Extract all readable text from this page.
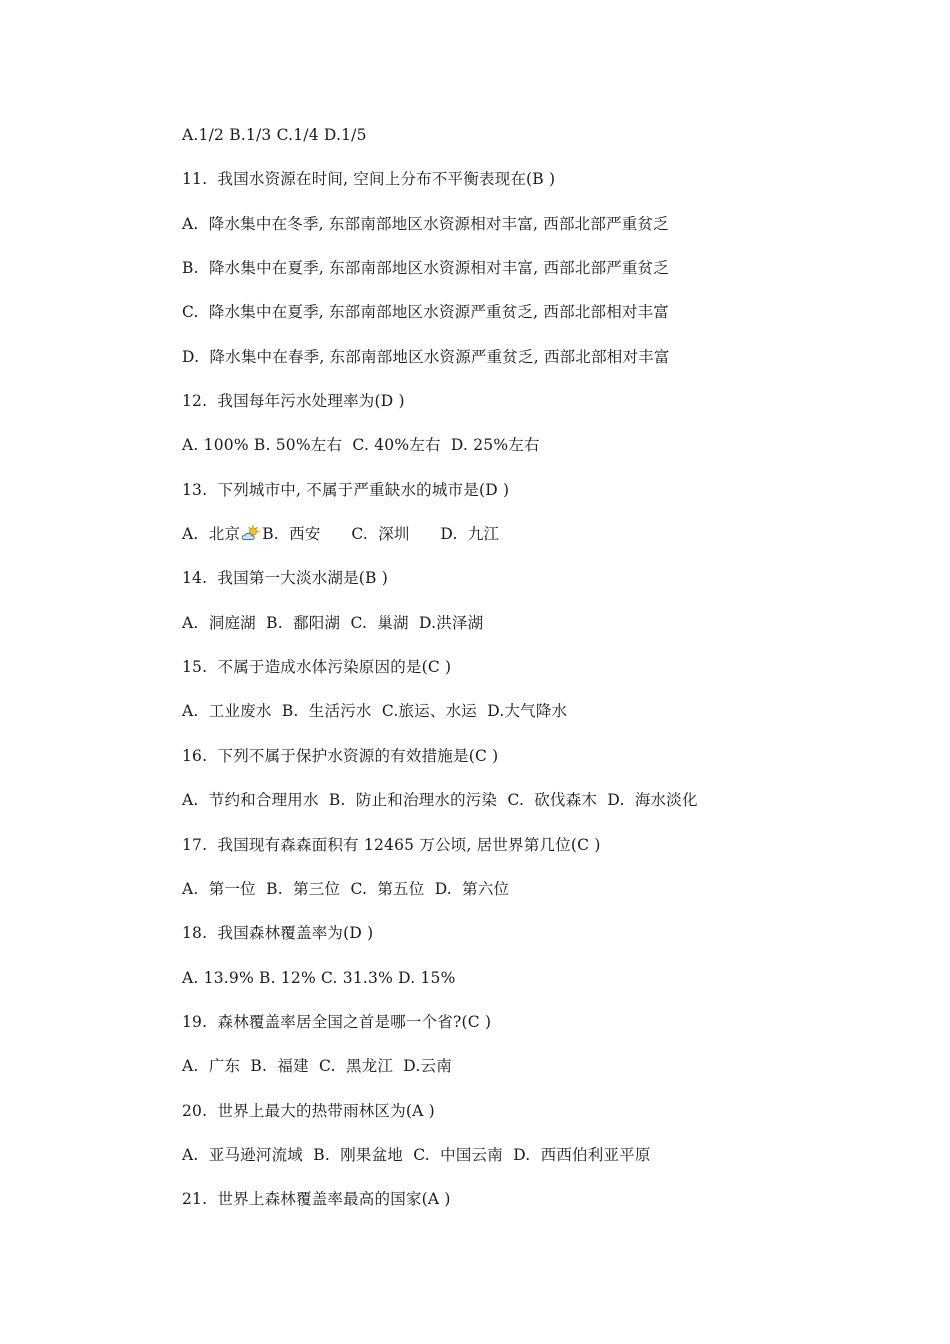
A.1/2 B.1/3 C.1/4 D.1/5
11.  我国水资源在时间, 空间上分布不平衡表现在(B )
A.  降水集中在冬季, 东部南部地区水资源相对丰富, 西部北部严重贫乏
B.  降水集中在夏季, 东部南部地区水资源相对丰富, 西部北部严重贫乏
C.  降水集中在夏季, 东部南部地区水资源严重贫乏, 西部北部相对丰富
D.  降水集中在春季, 东部南部地区水资源严重贫乏, 西部北部相对丰富
12.  我国每年污水处理率为(D )
A. 100% B. 50%左右  C. 40%左右  D. 25%左右
13.  下列城市中, 不属于严重缺水的城市是(D )
A.  北京 B.  西安      C.  深圳      D.  九江
14.  我国第一大淡水湖是(B )
A.  洞庭湖  B.  鄱阳湖  C.  巢湖  D.洪泽湖
15.  不属于造成水体污染原因的是(C )
A.  工业废水  B.  生活污水  C.旅运、水运  D.大气降水
16.  下列不属于保护水资源的有效措施是(C )
A.  节约和合理用水  B.  防止和治理水的污染  C.  砍伐森木  D.  海水淡化
17.  我国现有森森面积有 12465 万公顷, 居世界第几位(C )
A.  第一位  B.  第三位  C.  第五位  D.  第六位
18.  我国森林覆盖率为(D )
A. 13.9% B. 12% C. 31.3% D. 15%
19.  森林覆盖率居全国之首是哪一个省?(C )
A.  广东  B.  福建  C.  黑龙江  D.云南
20.  世界上最大的热带雨林区为(A )
A.  亚马逊河流域  B.  刚果盆地  C.  中国云南  D.  西西伯利亚平原
21.  世界上森林覆盖率最高的国家(A )
